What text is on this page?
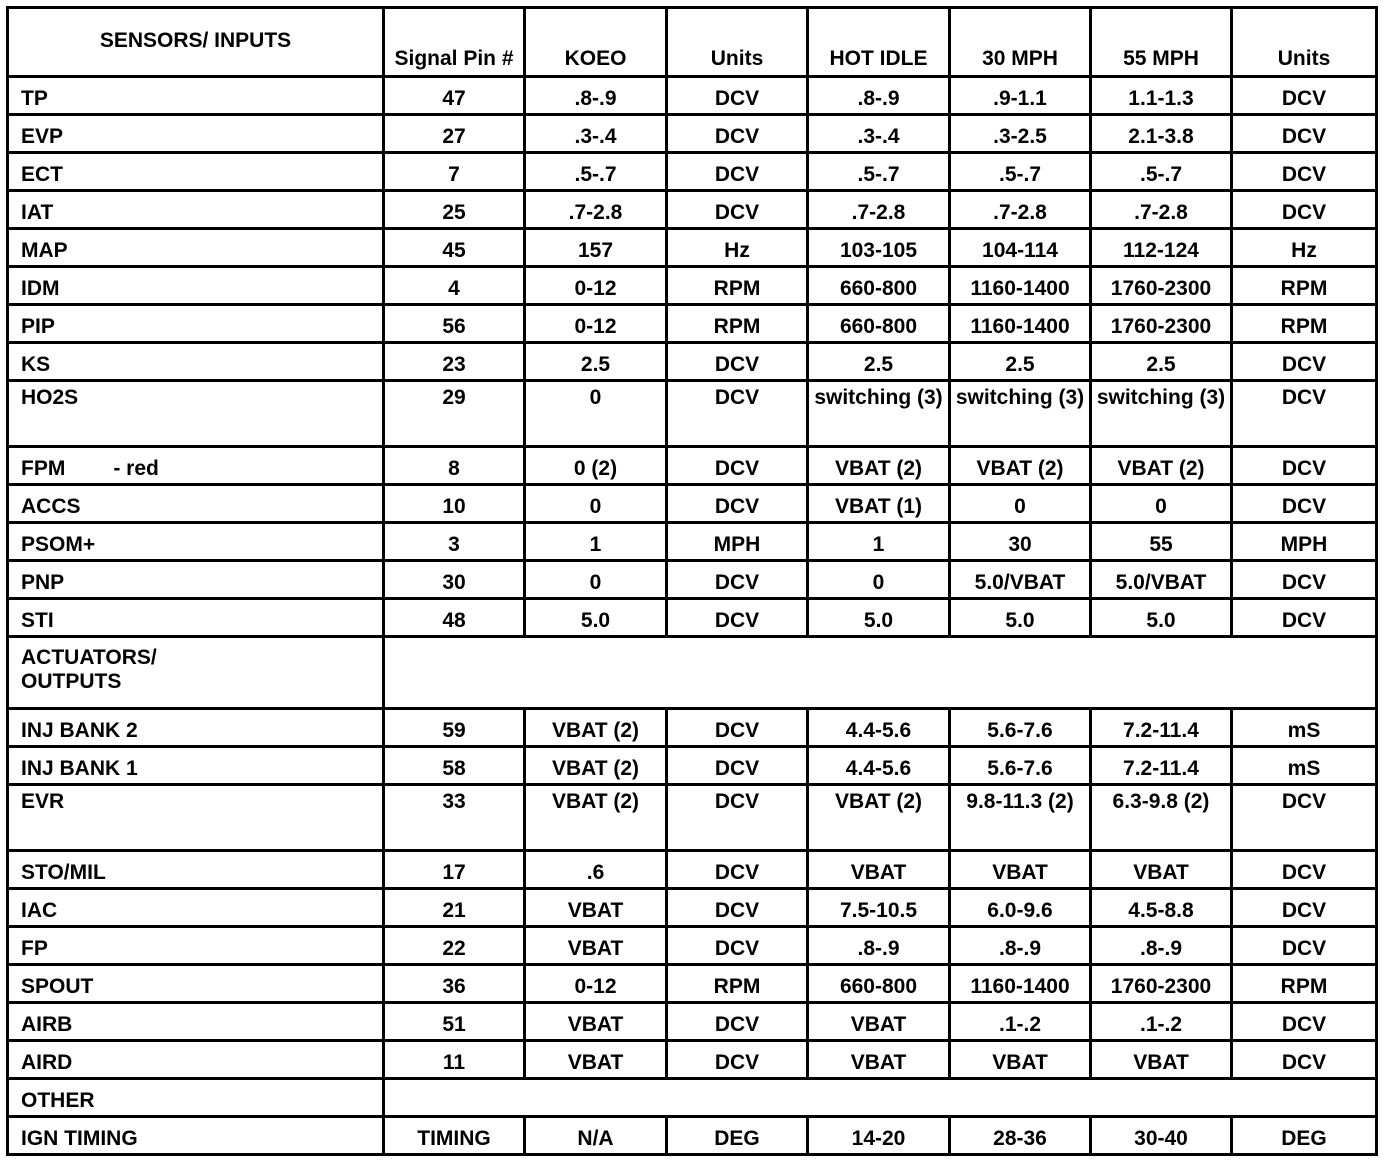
SENSORS/ INPUTS	Signal Pin #	KOEO	Units	HOT IDLE	30 MPH	55 MPH	Units
TP	47	.8-.9	DCV	.8-.9	.9-1.1	1.1-1.3	DCV
EVP	27	.3-.4	DCV	.3-.4	.3-2.5	2.1-3.8	DCV
ECT	7	.5-.7	DCV	.5-.7	.5-.7	.5-.7	DCV
IAT	25	.7-2.8	DCV	.7-2.8	.7-2.8	.7-2.8	DCV
MAP	45	157	Hz	103-105	104-114	112-124	Hz
IDM	4	0-12	RPM	660-800	1160-1400	1760-2300	RPM
PIP	56	0-12	RPM	660-800	1160-1400	1760-2300	RPM
KS	23	2.5	DCV	2.5	2.5	2.5	DCV
HO2S	29	0	DCV	switching (3)	switching (3)	switching (3)	DCV

FPM - red	8	0 (2)	DCV	VBAT (2)	VBAT (2)	VBAT (2)	DCV
ACCS	10	0	DCV	VBAT (1)	0	0	DCV
PSOM+	3	1	MPH	1	30	55	MPH
PNP	30	0	DCV	0	5.0/VBAT	5.0/VBAT	DCV
STI	48	5.0	DCV	5.0	5.0	5.0	DCV

ACTUATORS/ OUTPUTS							

INJ BANK 2	59	VBAT (2)	DCV	4.4-5.6	5.6-7.6	7.2-11.4	mS
INJ BANK 1	58	VBAT (2)	DCV	4.4-5.6	5.6-7.6	7.2-11.4	mS
EVR	33	VBAT (2)	DCV	VBAT (2)	9.8-11.3 (2)	6.3-9.8 (2)	DCV

STO/MIL	17	.6	DCV	VBAT	VBAT	VBAT	DCV
IAC	21	VBAT	DCV	7.5-10.5	6.0-9.6	4.5-8.8	DCV
FP	22	VBAT	DCV	.8-.9	.8-.9	.8-.9	DCV
SPOUT	36	0-12	RPM	660-800	1160-1400	1760-2300	RPM
AIRB	51	VBAT	DCV	VBAT	.1-.2	.1-.2	DCV
AIRD	11	VBAT	DCV	VBAT	VBAT	VBAT	DCV
OTHER							
IGN TIMING	TIMING	N/A	DEG	14-20	28-36	30-40	DEG
